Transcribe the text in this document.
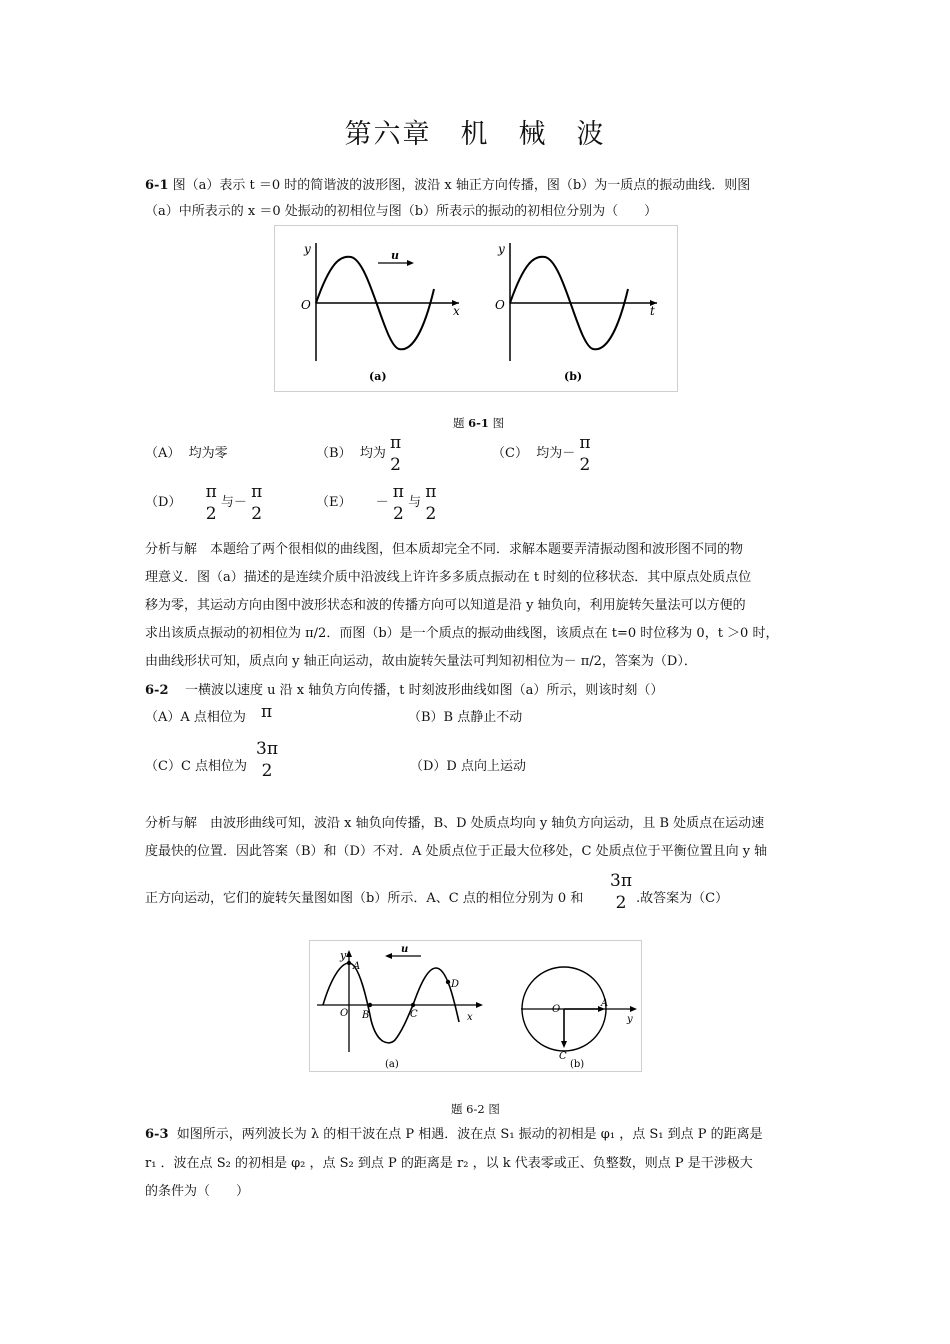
第六章　机　械　波
6-1 图（a）表示 t ＝0 时的简谐波的波形图，波沿 x 轴正方向传播，图（b）为一质点的振动曲线．则图
（a）中所表示的 x ＝0 处振动的初相位与图（b）所表示的振动的初相位分别为（　　）
y
O	x
u
(a)
y
O	t
(b)
题 6-1 图
（A） 均为零	（B） 均为
π
2
（C） 均为－
π
2
（D）
π
2
与－
π
2
（E） －
π
2
与
π
2
分析与解　本题给了两个很相似的曲线图，但本质却完全不同．求解本题要弄清振动图和波形图不同的物
理意义．图（a）描述的是连续介质中沿波线上许许多多质点振动在 t 时刻的位移状态．其中原点处质点位
移为零，其运动方向由图中波形状态和波的传播方向可以知道是沿 y 轴负向，利用旋转矢量法可以方便的
求出该质点振动的初相位为 π/2．而图（b）是一个质点的振动曲线图，该质点在 t=0 时位移为 0，t ＞0 时，
由曲线形状可知，质点向 y 轴正向运动，故由旋转矢量法可判知初相位为－ π/2，答案为（D）．
6-2 一横波以速度 u 沿 x 轴负方向传播，t 时刻波形曲线如图（a）所示，则该时刻（）
（A）A 点相位为 π	（B）B 点静止不动
（C）C 点相位为
3π
2	（D）D 点向上运动
分析与解　由波形曲线可知，波沿 x 轴负向传播，B、D 处质点均向 y 轴负方向运动，且 B 处质点在运动速
度最快的位置．因此答案（B）和（D）不对．A 处质点位于正最大位移处，C 处质点位于平衡位置且向 y 轴
正方向运动，它们的旋转矢量图如图（b）所示．A、C 点的相位分别为 0 和
3π
2 .故答案为（C）
y
O	x
u
A
B	C
D
(a)
O
A
y
C
(b)
题 6-2 图
6-3 如图所示，两列波长为 λ 的相干波在点 P 相遇．波在点 S₁ 振动的初相是 φ₁ ，点 S₁ 到点 P 的距离是
r₁ ．波在点 S₂ 的初相是 φ₂ ，点 S₂ 到点 P 的距离是 r₂ ，以 k 代表零或正、负整数，则点 P 是干涉极大
的条件为（　　）
